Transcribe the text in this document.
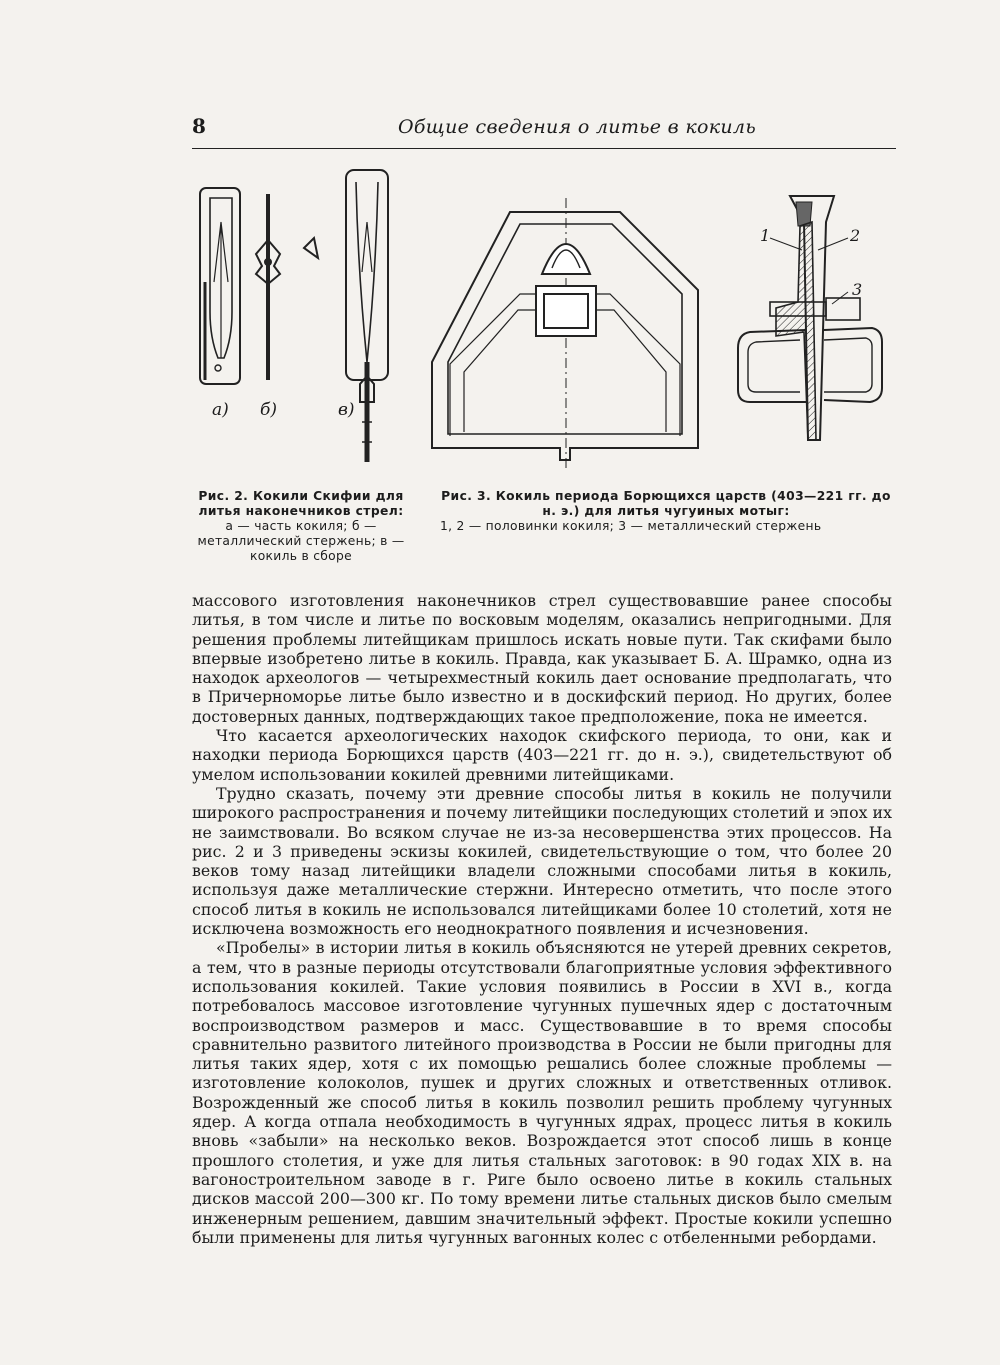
8	Общие сведения о литье в кокиль
а) б)	в)
1	2
3
Рис. 2. Кокили Скифии для литья наконечников стрел:
а — часть кокиля; б — металлический стержень; в — кокиль в сборе
Рис. 3. Кокиль периода Борющихся царств (403—221 гг. до н. э.) для литья чугуиных мотыг:
1, 2 — половинки кокиля; 3 — металлический стержень

массового изготовления наконечников стрел существовавшие ранее способы литья, в том числе и литье по восковым моделям, оказались непригодными. Для решения проблемы литейщикам пришлось искать новые пути. Так скифами было впервые изобретено литье в кокиль. Правда, как указывает Б. А. Шрамко, одна из находок археологов — четырехместный кокиль дает основание предполагать, что в Причерноморье литье было известно и в доскифский период. Но других, более достоверных данных, подтверждающих такое предположение, пока не имеется.

Что касается археологических находок скифского периода, то они, как и находки периода Борющихся царств (403—221 гг. до н. э.), свидетельствуют об умелом использовании кокилей древними литейщиками.

Трудно сказать, почему эти древние способы литья в кокиль не получили широкого распространения и почему литейщики последующих столетий и эпох их не заимствовали. Во всяком случае не из-за несовершенства этих процессов. На рис. 2 и 3 приведены эскизы кокилей, свидетельствующие о том, что более 20 веков тому назад литейщики владели сложными способами литья в кокиль, используя даже металлические стержни. Интересно отметить, что после этого способ литья в кокиль не использовался литейщиками более 10 столетий, хотя не исключена возможность его неоднократного появления и исчезновения.

«Пробелы» в истории литья в кокиль объясняются не утерей древних секретов, а тем, что в разные периоды отсутствовали благоприятные условия эффективного использования кокилей. Такие условия появились в России в XVI в., когда потребовалось массовое изготовление чугунных пушечных ядер с достаточным воспроизводством размеров и масс. Существовавшие в то время способы сравнительно развитого литейного производства в России не были пригодны для литья таких ядер, хотя с их помощью решались более сложные проблемы — изготовление колоколов, пушек и других сложных и ответственных отливок. Возрожденный же способ литья в кокиль позволил решить проблему чугунных ядер. А когда отпала необходимость в чугунных ядрах, процесс литья в кокиль вновь «забыли» на несколько веков. Возрождается этот способ лишь в конце прошлого столетия, и уже для литья стальных заготовок: в 90 годах XIX в. на вагоностроительном заводе в г. Риге было освоено литье в кокиль стальных дисков массой 200—300 кг. По тому времени литье стальных дисков было смелым инженерным решением, давшим значительный эффект. Простые кокили успешно были применены для литья чугунных вагонных колес с отбеленными ребордами.
